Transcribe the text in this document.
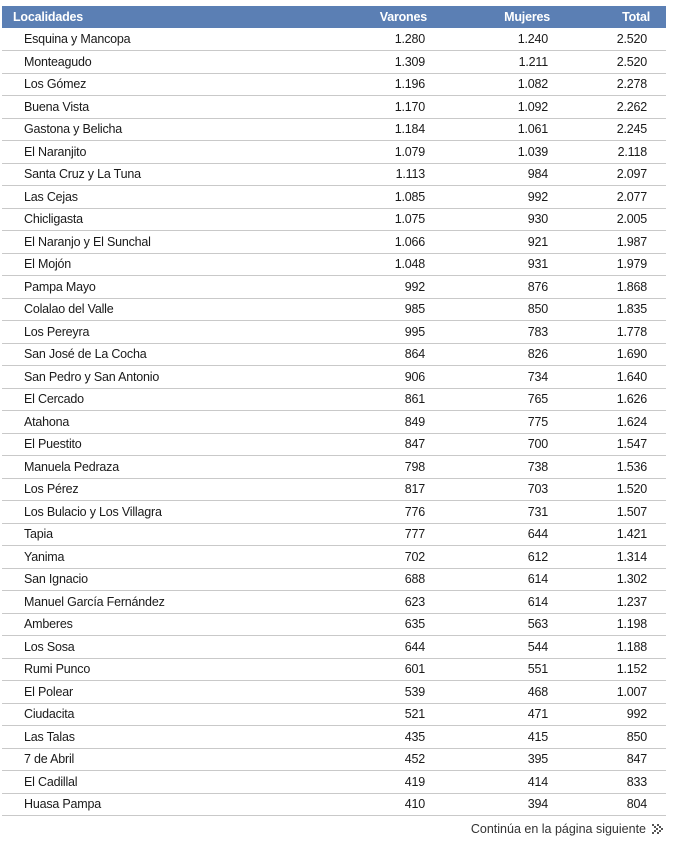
Localidades	Varones	Mujeres	Total
Esquina y Mancopa	1.280	1.240	2.520
Monteagudo	1.309	1.211	2.520
Los Gómez	1.196	1.082	2.278
Buena Vista	1.170	1.092	2.262
Gastona y Belicha	1.184	1.061	2.245
El Naranjito	1.079	1.039	2.118
Santa Cruz y La Tuna	1.113	984	2.097
Las Cejas	1.085	992	2.077
Chicligasta	1.075	930	2.005
El Naranjo y El Sunchal	1.066	921	1.987
El Mojón	1.048	931	1.979
Pampa Mayo	992	876	1.868
Colalao del Valle	985	850	1.835
Los Pereyra	995	783	1.778
San José de La Cocha	864	826	1.690
San Pedro y San Antonio	906	734	1.640
El Cercado	861	765	1.626
Atahona	849	775	1.624
El Puestito	847	700	1.547
Manuela Pedraza	798	738	1.536
Los Pérez	817	703	1.520
Los Bulacio y Los Villagra	776	731	1.507
Tapia	777	644	1.421
Yanima	702	612	1.314
San Ignacio	688	614	1.302
Manuel García Fernández	623	614	1.237
Amberes	635	563	1.198
Los Sosa	644	544	1.188
Rumi Punco	601	551	1.152
El Polear	539	468	1.007
Ciudacita	521	471	992
Las Talas	435	415	850
7 de Abril	452	395	847
El Cadillal	419	414	833
Huasa Pampa	410	394	804
Continúa en la página siguiente
